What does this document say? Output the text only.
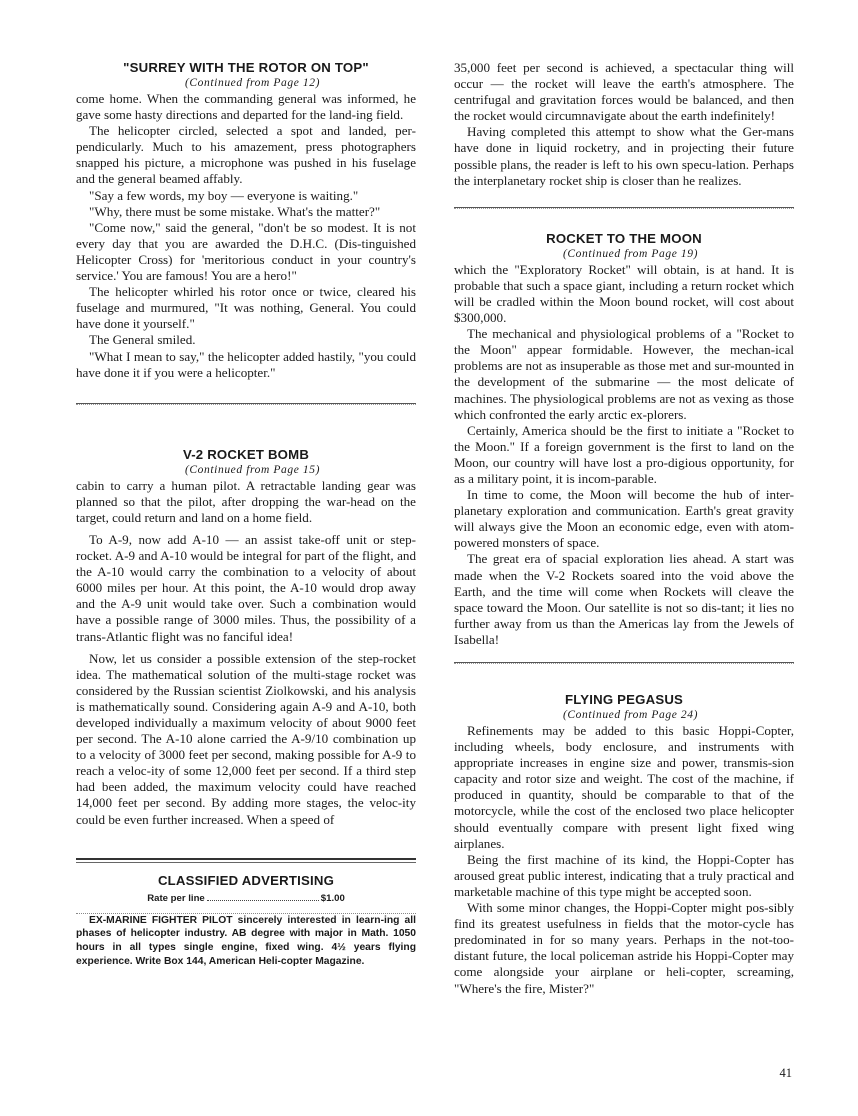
"SURREY WITH THE ROTOR ON TOP"

(Continued from Page 12)

come home. When the commanding general was informed, he gave some hasty directions and departed for the land-ing field.

The helicopter circled, selected a spot and landed, per-pendicularly. Much to his amazement, press photographers snapped his picture, a microphone was pushed in his fuselage and the general beamed affably.

"Say a few words, my boy — everyone is waiting."

"Why, there must be some mistake. What's the matter?"

"Come now," said the general, "don't be so modest. It is not every day that you are awarded the D.H.C. (Dis-tinguished Helicopter Cross) for 'meritorious conduct in your country's service.' You are famous! You are a hero!"

The helicopter whirled his rotor once or twice, cleared his fuselage and murmured, "It was nothing, General. You could have done it yourself."

The General smiled.

"What I mean to say," the helicopter added hastily, "you could have done it if you were a helicopter."

V-2 ROCKET BOMB

(Continued from Page 15)

cabin to carry a human pilot. A retractable landing gear was planned so that the pilot, after dropping the war-head on the target, could return and land on a home field.

To A-9, now add A-10 — an assist take-off unit or step-rocket. A-9 and A-10 would be integral for part of the flight, and the A-10 would carry the combination to a velocity of about 6000 miles per hour. At this point, the A-10 would drop away and the A-9 unit would take over. Such a combination would have a possible range of 3000 miles. Thus, the possibility of a trans-Atlantic flight was no fanciful idea!

Now, let us consider a possible extension of the step-rocket idea. The mathematical solution of the multi-stage rocket was considered by the Russian scientist Ziolkowski, and his analysis is mathematically sound. Considering again A-9 and A-10, both developed individually a maximum velocity of about 9000 feet per second. The A-10 alone carried the A-9/10 combination up to a velocity of 3000 feet per second, making possible for A-9 to reach a veloc-ity of some 12,000 feet per second. If a third step had been added, the maximum velocity could have reached 14,000 feet per second. By adding more stages, the veloc-ity could be even further increased. When a speed of

CLASSIFIED ADVERTISING
Rate per line	$1.00

EX-MARINE FIGHTER PILOT sincerely interested in learn-ing all phases of helicopter industry. AB degree with major in Math. 1050 hours in all types single engine, fixed wing. 4½ years flying experience. Write Box 144, American Heli-copter Magazine.

35,000 feet per second is achieved, a spectacular thing will occur — the rocket will leave the earth's atmosphere. The centrifugal and gravitation forces would be balanced, and then the rocket would circumnavigate about the earth indefinitely!

Having completed this attempt to show what the Ger-mans have done in liquid rocketry, and in projecting their future possible plans, the reader is left to his own specu-lation. Perhaps the interplanetary rocket ship is closer than he realizes.

ROCKET TO THE MOON

(Continued from Page 19)

which the "Exploratory Rocket" will obtain, is at hand. It is probable that such a space giant, including a return rocket which will be cradled within the Moon bound rocket, will cost about $300,000.

The mechanical and physiological problems of a "Rocket to the Moon" appear formidable. However, the mechan-ical problems are not as insuperable as those met and sur-mounted in the development of the submarine — the most delicate of machines. The physiological problems are not as vexing as those which confronted the early arctic ex-plorers.

Certainly, America should be the first to initiate a "Rocket to the Moon." If a foreign government is the first to land on the Moon, our country will have lost a pro-digious opportunity, for as a military point, it is incom-parable.

In time to come, the Moon will become the hub of inter-planetary exploration and communication. Earth's great gravity will always give the Moon an economic edge, even with atom-powered monsters of space.

The great era of spacial exploration lies ahead. A start was made when the V-2 Rockets soared into the void above the Earth, and the time will come when Rockets will cleave the space toward the Moon. Our satellite is not so dis-tant; it lies no further away from us than the Americas lay from the Jewels of Isabella!

FLYING PEGASUS

(Continued from Page 24)

Refinements may be added to this basic Hoppi-Copter, including wheels, body enclosure, and instruments with appropriate increases in engine size and power, transmis-sion capacity and rotor size and weight. The cost of the machine, if produced in quantity, should be comparable to that of the motorcycle, while the cost of the enclosed two place helicopter should eventually compare with present light fixed wing airplanes.

Being the first machine of its kind, the Hoppi-Copter has aroused great public interest, indicating that a truly practical and marketable machine of this type might be accepted soon.

With some minor changes, the Hoppi-Copter might pos-sibly find its greatest usefulness in fields that the motor-cycle has predominated in for so many years. Perhaps in the not-too-distant future, the local policeman astride his Hoppi-Copter may come alongside your airplane or heli-copter, screaming, "Where's the fire, Mister?"

41
